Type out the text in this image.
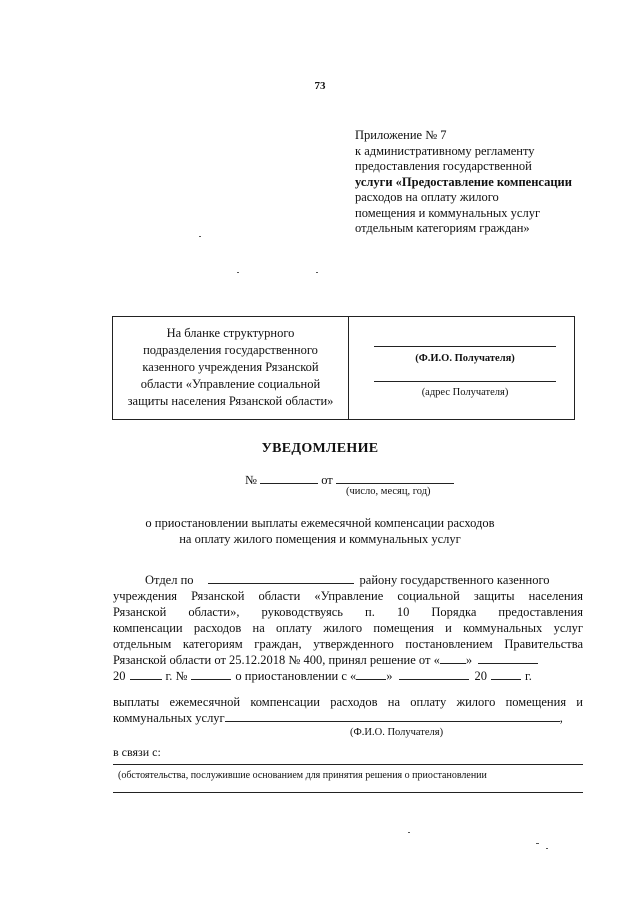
73
Приложение № 7
к административному регламенту
предоставления государственной
услуги «Предоставление компенсации
расходов на оплату жилого
помещения и коммунальных услуг
отдельным категориям граждан»
На бланке структурного
подразделения государственного
казенного учреждения Рязанской
области «Управление социальной
защиты населения Рязанской области»
(Ф.И.О. Получателя)
(адрес Получателя)
УВЕДОМЛЕНИЕ
№	от
(число, месяц, год)
о приостановлении выплаты ежемесячной компенсации расходов
на оплату жилого помещения и коммунальных услуг
Отдел по	району государственного казенного
учреждения Рязанской области «Управление социальной защиты населения
Рязанской области», руководствуясь п. 10 Порядка предоставления
компенсации расходов на оплату жилого помещения и коммунальных услуг
отдельным категориям граждан, утвержденного постановлением Правительства
Рязанской области от 25.12.2018 № 400, принял решение от « »
20	г. №	о приостановлении с « »	20	г.
выплаты ежемесячной компенсации расходов на оплату жилого помещения и
коммунальных услуг	,
(Ф.И.О. Получателя)
в связи с:
(обстоятельства, послужившие основанием для принятия решения о приостановлении
